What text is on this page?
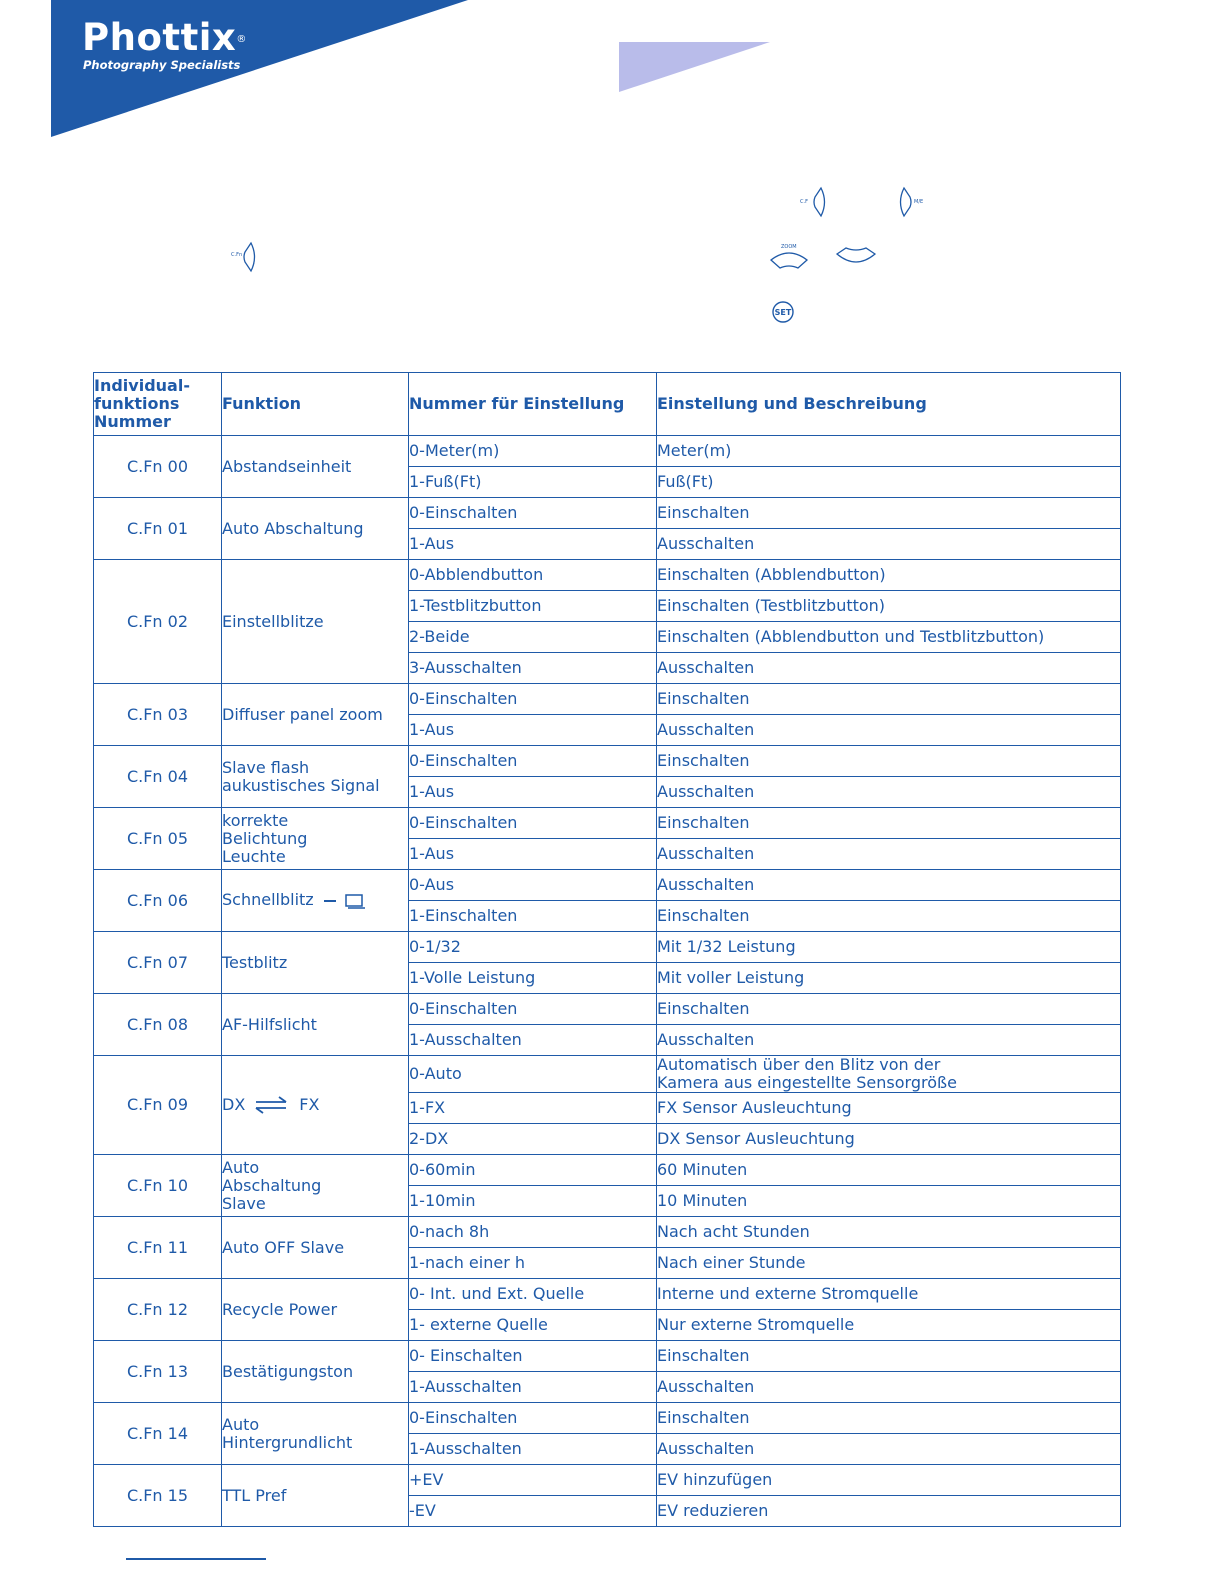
Phottix®
Photography Specialists
C.Fn
C.F	M/E
ZOOM
SET
Individual-
funktions
Nummer	Funktion	Nummer für Einstellung	Einstellung und Beschreibung
C.Fn 00	Abstandseinheit	0-Meter(m)	Meter(m)

		1-Fuß(Ft)	Fuß(Ft)

C.Fn 01	Auto Abschaltung	0-Einschalten	Einschalten

		1-Aus	Ausschalten

C.Fn 02	Einstellblitze	0-Abblendbutton	Einschalten (Abblendbutton)

		1-Testblitzbutton	Einschalten (Testblitzbutton)

		2-Beide	Einschalten (Abblendbutton und Testblitzbutton)

		3-Ausschalten	Ausschalten

C.Fn 03	Diffuser panel zoom	0-Einschalten	Einschalten

		1-Aus	Ausschalten

C.Fn 04	Slave flash
aukustisches Signal	0-Einschalten	Einschalten

		1-Aus	Ausschalten

C.Fn 05	korrekte
Belichtung
Leuchte	0-Einschalten	Einschalten

		1-Aus	Ausschalten

C.Fn 06	Schnellblitz	0-Aus	Ausschalten

		1-Einschalten	Einschalten

C.Fn 07	Testblitz	0-1/32	Mit 1/32 Leistung

		1-Volle Leistung	Mit voller Leistung

C.Fn 08	AF-Hilfslicht	0-Einschalten	Einschalten

		1-Ausschalten	Ausschalten

C.Fn 09	DX FX	0-Auto	Automatisch über den Blitz von der
Kamera aus eingestellte Sensorgröße

		1-FX	FX Sensor Ausleuchtung

		2-DX	DX Sensor Ausleuchtung

C.Fn 10	Auto
Abschaltung
Slave	0-60min	60 Minuten

		1-10min	10 Minuten

C.Fn 11	Auto OFF Slave	0-nach 8h	Nach acht Stunden

		1-nach einer h	Nach einer Stunde

C.Fn 12	Recycle Power	0- Int. und Ext. Quelle	Interne und externe Stromquelle

		1- externe Quelle	Nur externe Stromquelle

C.Fn 13	Bestätigungston	0- Einschalten	Einschalten

		1-Ausschalten	Ausschalten

C.Fn 14	Auto
Hintergrundlicht	0-Einschalten	Einschalten

		1-Ausschalten	Ausschalten

C.Fn 15	TTL Pref	+EV	EV hinzufügen

		-EV	EV reduzieren
